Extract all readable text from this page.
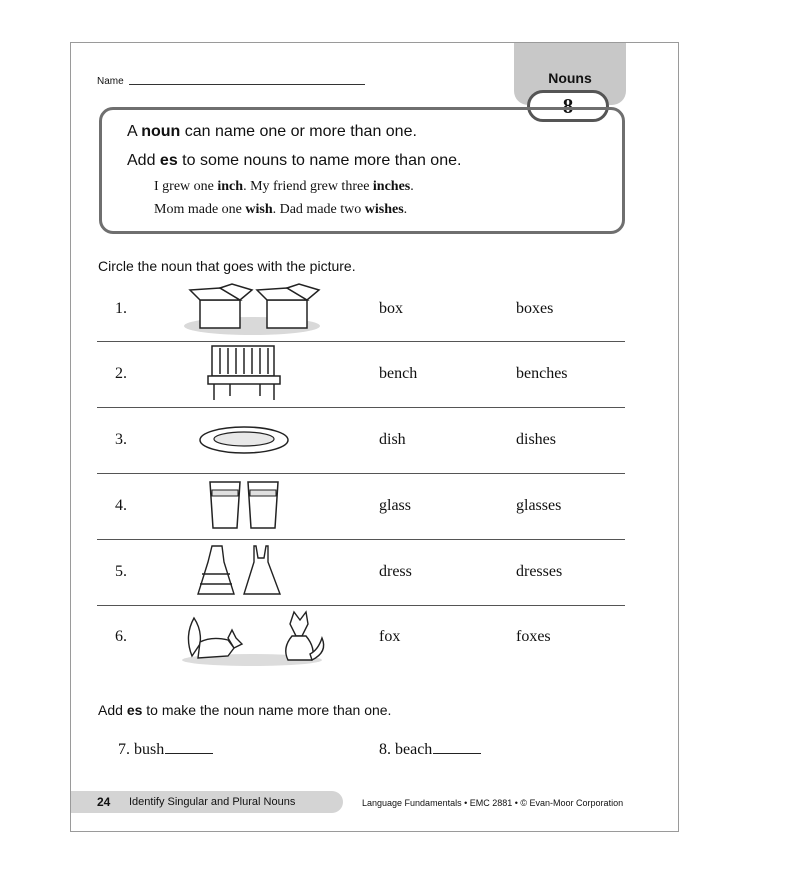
Name	Nouns
8
A noun can name one or more than one.
Add es to some nouns to name more than one.
I grew one inch. My friend grew three inches.
Mom made one wish. Dad made two wishes.
Circle the noun that goes with the picture.
1.	box	boxes
2.	bench	benches
3.	dish	dishes
4.	glass	glasses
5.	dress	dresses
6.	fox	foxes
Add es to make the noun name more than one.
7. bush	8. beach
24 Identify Singular and Plural Nouns	Language Fundamentals • EMC 2881 • © Evan-Moor Corporation
